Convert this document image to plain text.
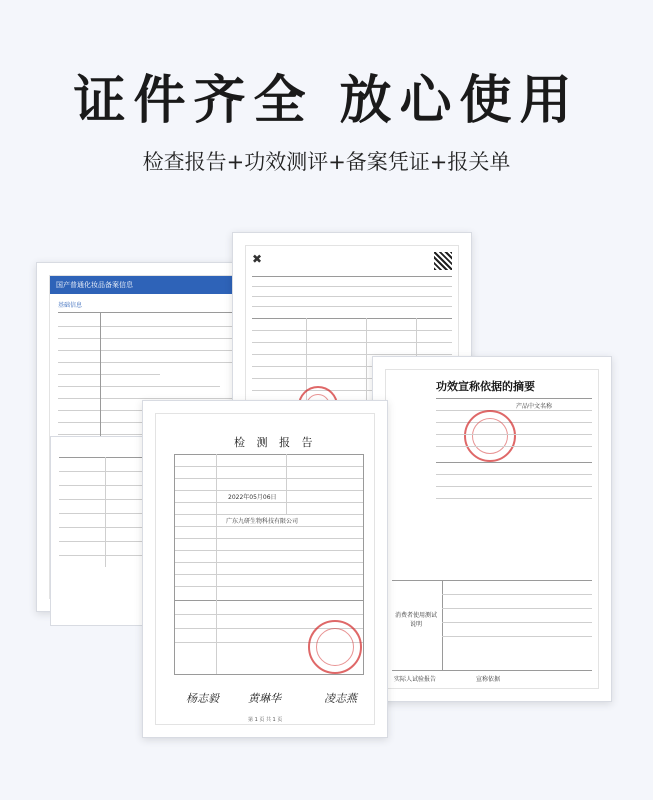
证件齐全 放心使用
检查报告+功效测评+备案凭证+报关单
国产普通化妆品备案信息
基础信息
✖
功效宣称依据的摘要
产品中文名称
消费者使用测试说明
实际人试验报告	宣称依据
检 测 报 告
2022年05月06日
广东九研生物科技有限公司
杨志毅	黄琳华	凌志燕
第 1 页 共 1 页
